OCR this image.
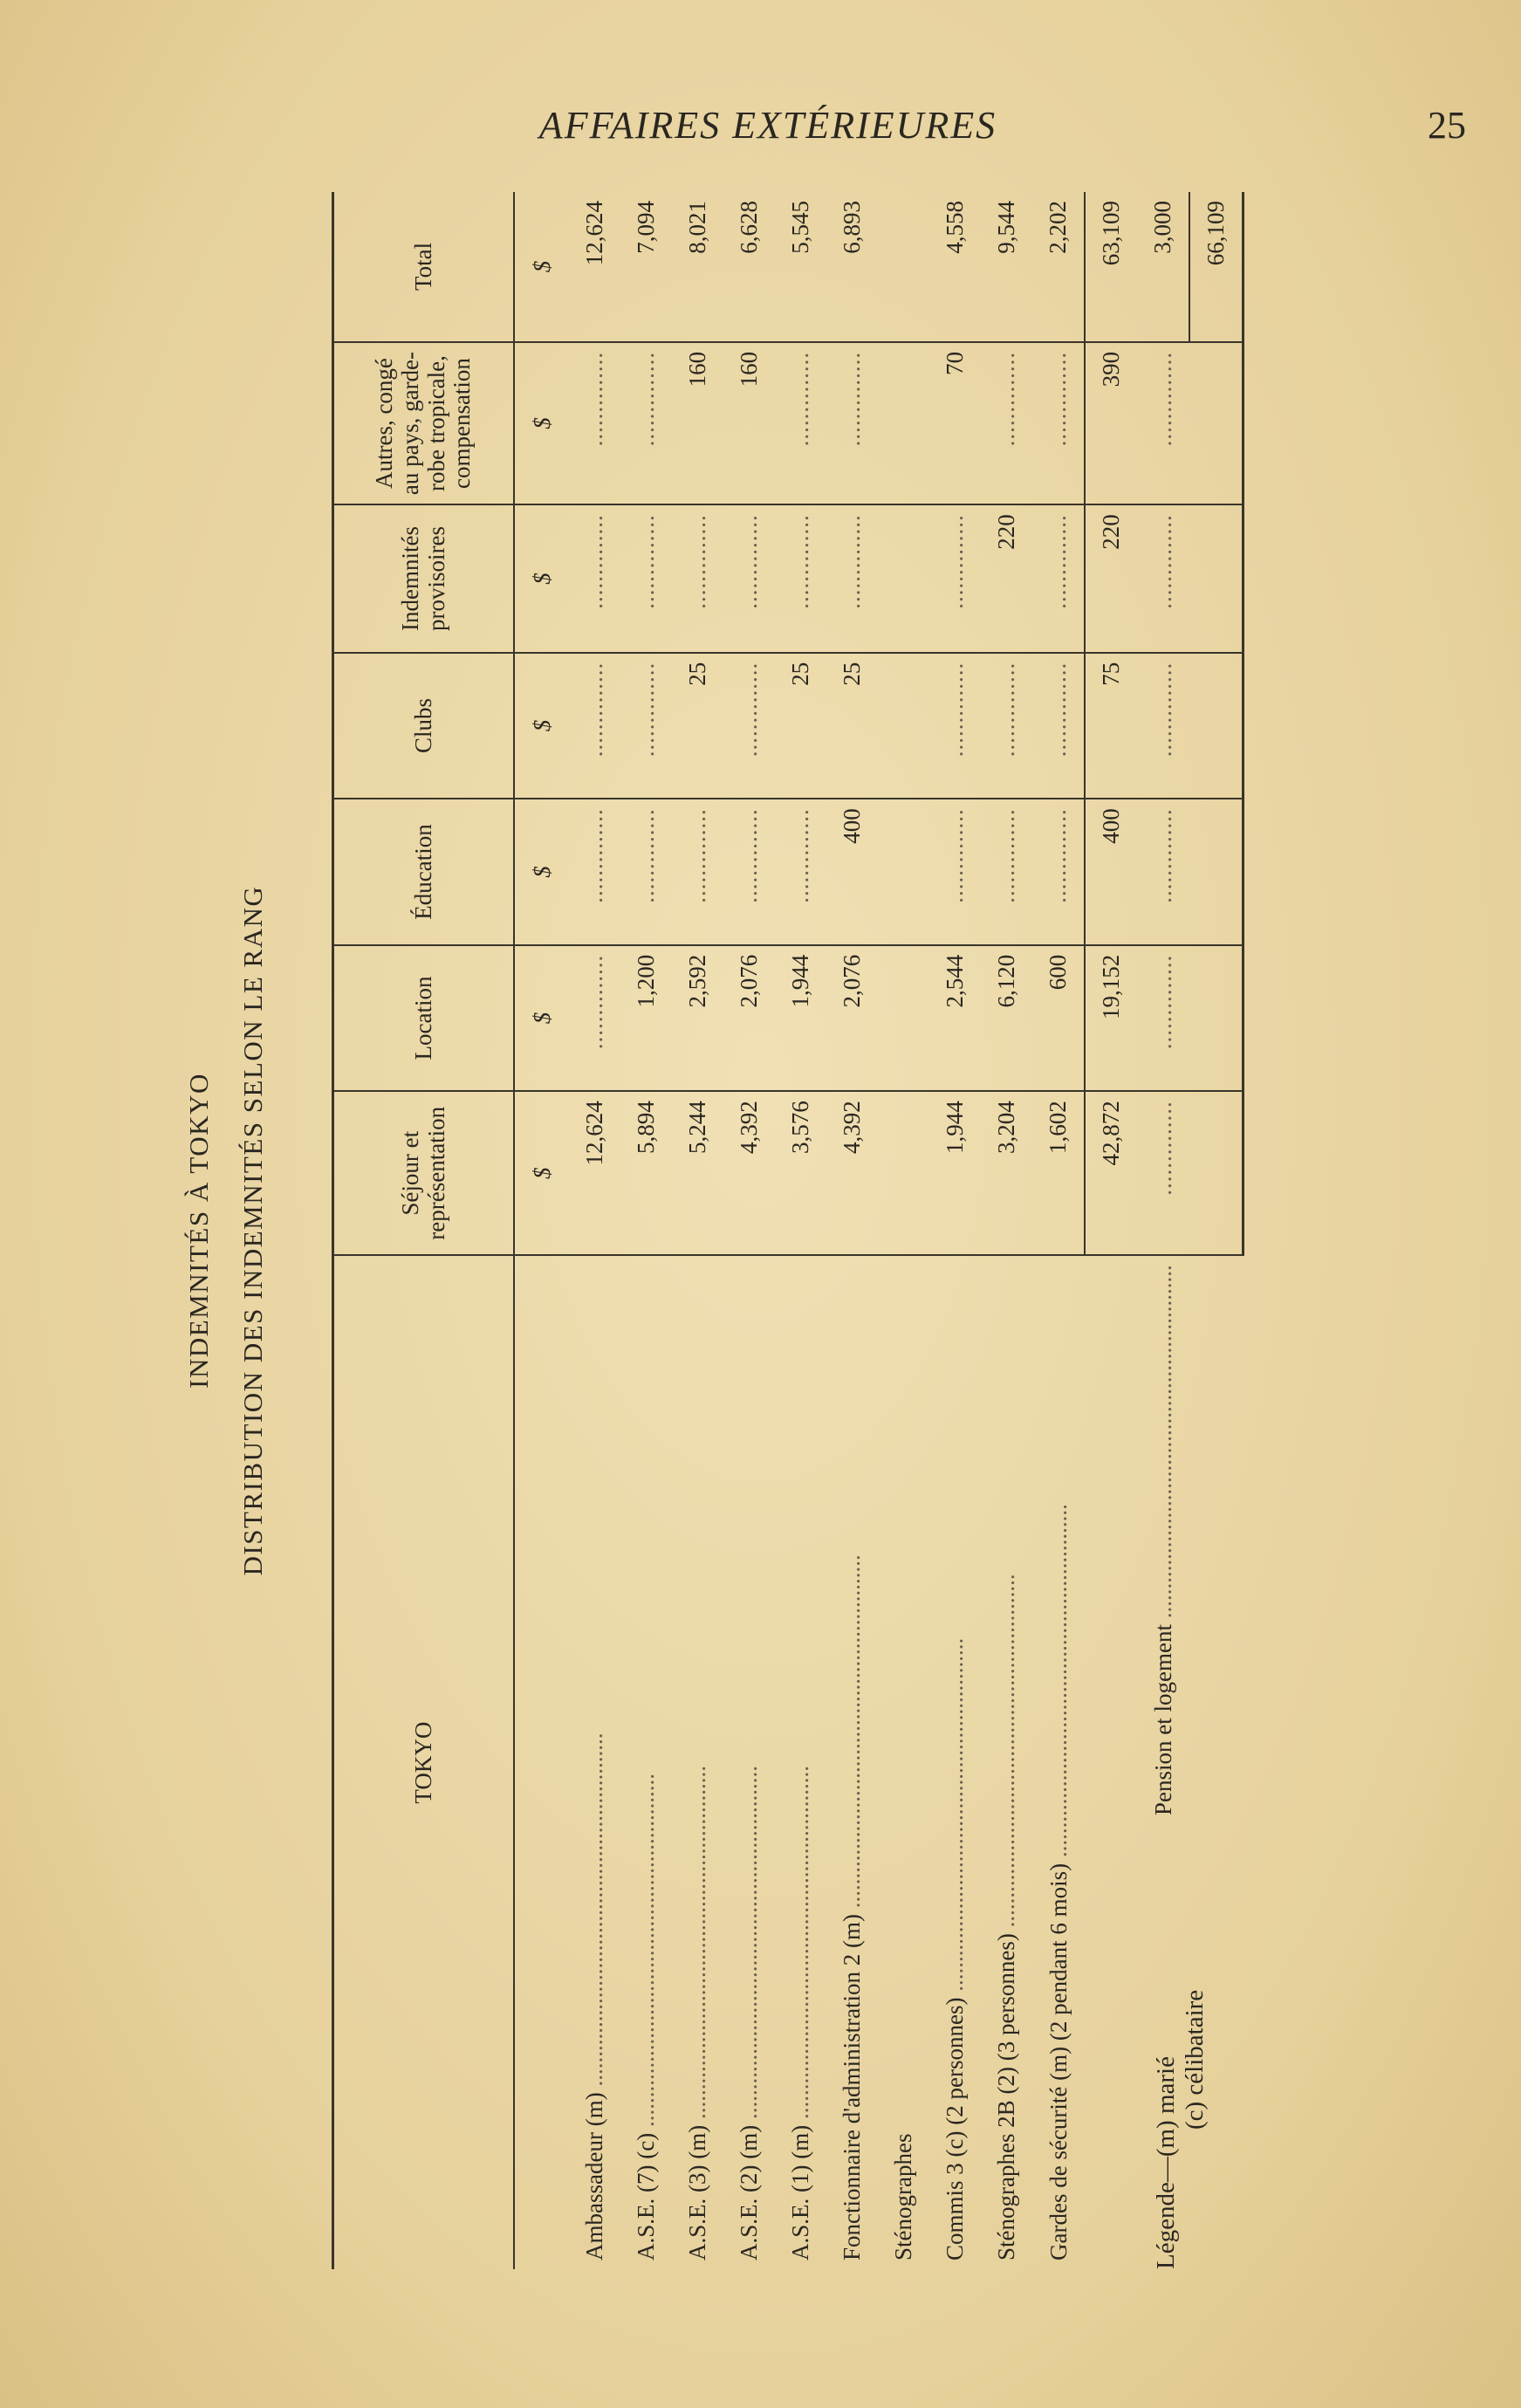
AFFAIRES EXTÉRIEURES	25
INDEMNITÉS À TOKYO DISTRIBUTION DES INDEMNITÉS SELON LE RANG
TOKYO	Séjour et représentation	Location	Éducation	Clubs	Indemnités provisoires	Autres, congé au pays, garde-robe tropicale, compensation	Total
	$	$	$	$	$	$	$
Ambassadeur (m) ............................................................	12,624	..............	..............	..............	..............	..............	12,624
A.S.E. (7) (c) ............................................................	5,894	1,200	..............	..............	..............	..............	7,094
A.S.E. (3) (m) ............................................................	5,244	2,592	..............	25	..............	160	8,021
A.S.E. (2) (m) ............................................................	4,392	2,076	..............	..............	..............	160	6,628
A.S.E. (1) (m) ............................................................	3,576	1,944	..............	25	..............	..............	5,545
Fonctionnaire d'administration 2 (m) ............................................................	4,392	2,076	400	25	..............	..............	6,893
Sténographes							
Commis 3 (c) (2 personnes) ............................................................	1,944	2,544	..............	..............	..............	70	4,558
Sténographes 2B (2) (3 personnes) ............................................................	3,204	6,120	..............	..............	220	..............	9,544
Gardes de sécurité (m) (2 pendant 6 mois) ............................................................	1,602	600	..............	..............	..............	..............	2,202
	42,872	19,152	400	75	220	390	63,109
Pension et logement ............................................................	..............	..............	..............	..............	..............	..............	3,000
							66,109
Légende—(m) marié (c) célibataire
